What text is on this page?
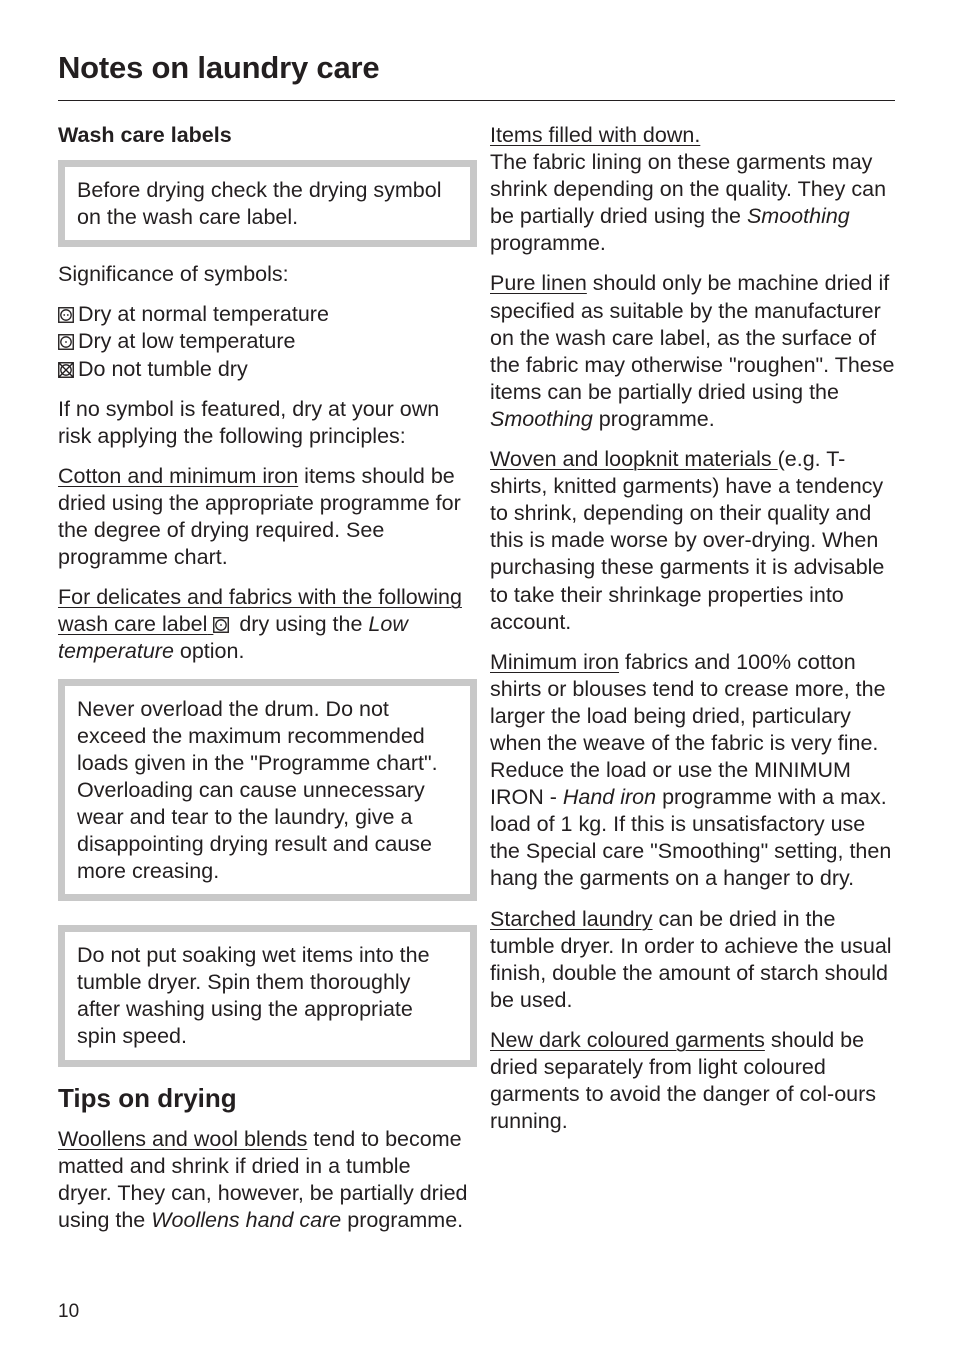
Notes on laundry care
Wash care labels

Before drying check the drying symbol on the wash care label.

Significance of symbols:

Dry at normal temperature
Dry at low temperature
Do not tumble dry

If no symbol is featured, dry at your own risk applying the following principles:

Cotton and minimum iron items should be dried using the appropriate programme for the degree of drying required. See programme chart.

For delicates and fabrics with the following wash care label
dry using the Low temperature option.

Never overload the drum. Do not exceed the maximum recommended loads given in the "Programme chart". Overloading can cause unnecessary wear and tear to the laundry, give a disappointing drying result and cause more creasing.

Do not put soaking wet items into the tumble dryer. Spin them thoroughly after washing using the appropriate spin speed.

Tips on drying

Woollens and wool blends tend to become matted and shrink if dried in a tumble dryer. They can, however, be partially dried using the Woollens hand care programme.

Items filled with down.
The fabric lining on these garments may shrink depending on the quality. They can be partially dried using the Smoothing programme.

Pure linen should only be machine dried if specified as suitable by the manufacturer on the wash care label, as the surface of the fabric may otherwise "roughen". These items can be partially dried using the Smoothing programme.

Woven and loopknit materials (e.g. T-shirts, knitted garments) have a tendency to shrink, depending on their quality and this is made worse by over-drying. When purchasing these garments it is advisable to take their shrinkage properties into account.

Minimum iron fabrics and 100% cotton shirts or blouses tend to crease more, the larger the load being dried, particulary when the weave of the fabric is very fine. Reduce the load or use the MINIMUM IRON - Hand iron programme with a max. load of 1 kg. If this is unsatisfactory use the Special care "Smoothing" setting, then hang the garments on a hanger to dry.

Starched laundry can be dried in the tumble dryer. In order to achieve the usual finish, double the amount of starch should be used.

New dark coloured garments should be dried separately from light coloured garments to avoid the danger of col-ours running.

10
